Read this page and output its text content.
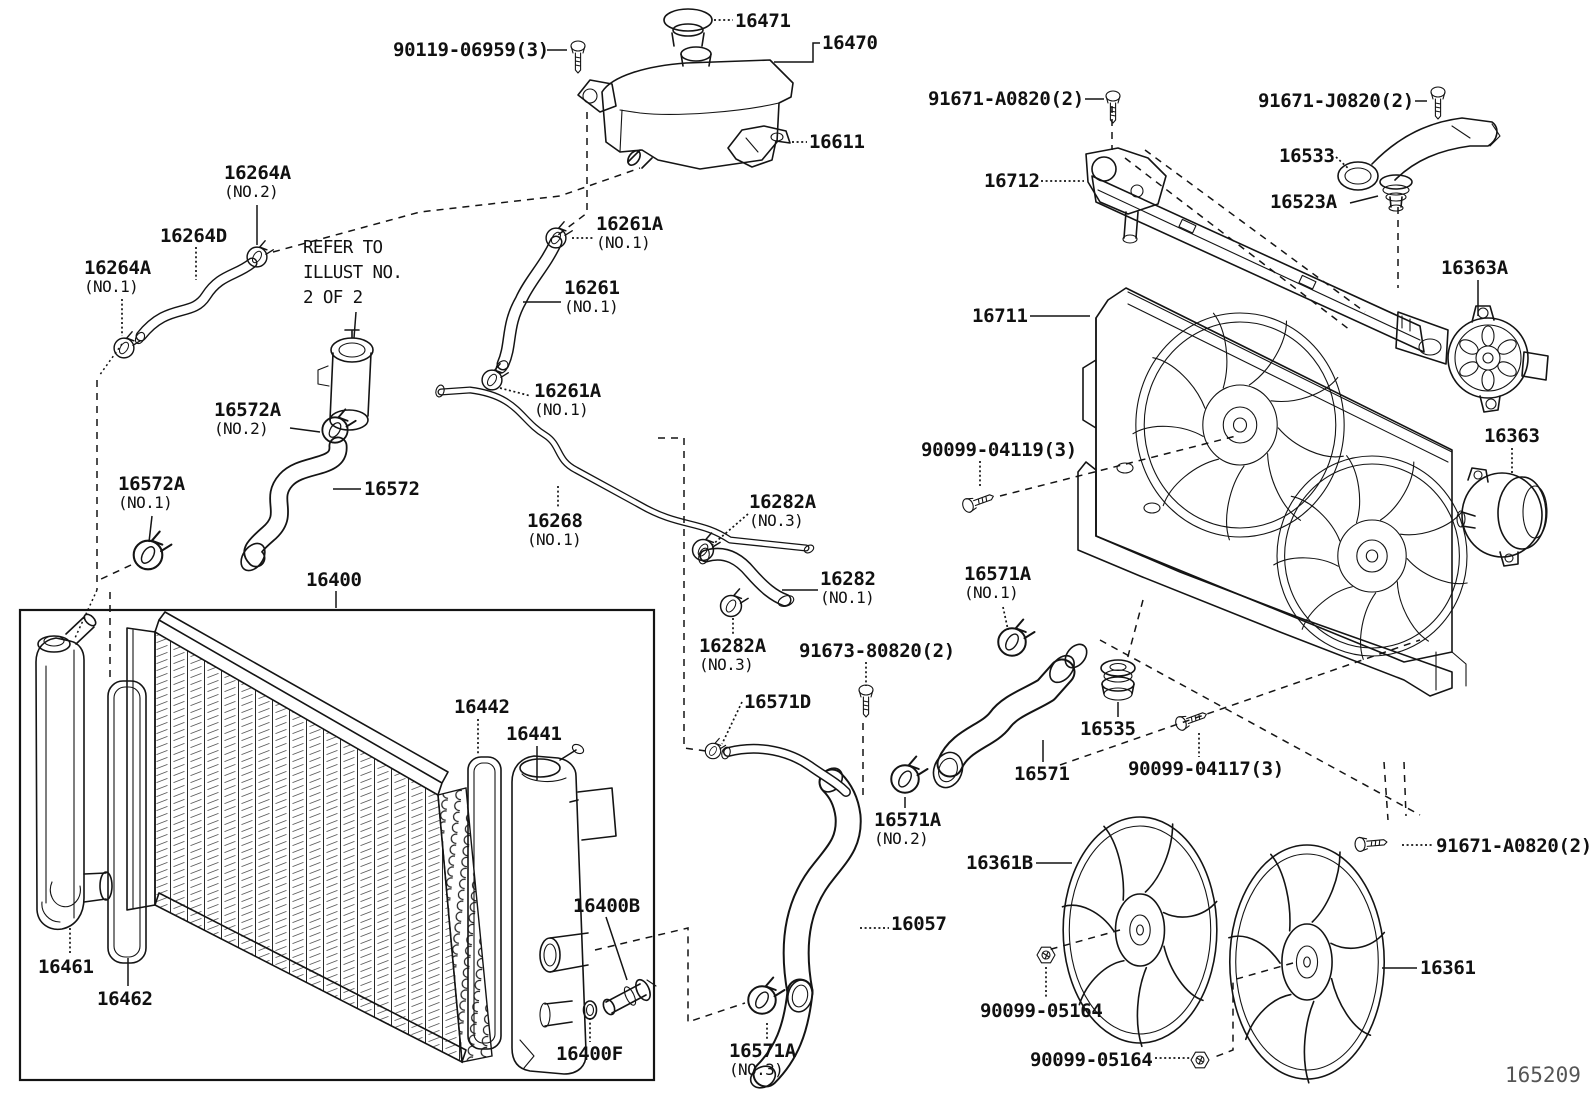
16471
16470
90119-06959(3)
16611
91671-A0820(2)	91671-J0820(2)
16533
16712
16523A
16264A
(NO.2)
16264D
16264A
(NO.1)
REFER TO
ILLUST NO.
2 OF 2
16261A
(NO.1)
16261
(NO.1)
16363A
16711
16261A
(NO.1)
16572A
(NO.2)
90099-04119(3)
16363
16572A
(NO.1)
16572
16268
(NO.1)
16282A
(NO.3)
16282
(NO.1)
16571A
(NO.1)
16400
16282A
(NO.3)
91673-80820(2)
16571D
16535
90099-04117(3)
16571
16442
16441
16571A
(NO.2)
16361B
91671-A0820(2)
16400B
16057
16461
16462
90099-05164
16400F	16571A
(NO.3)	90099-05164
16361
165209
